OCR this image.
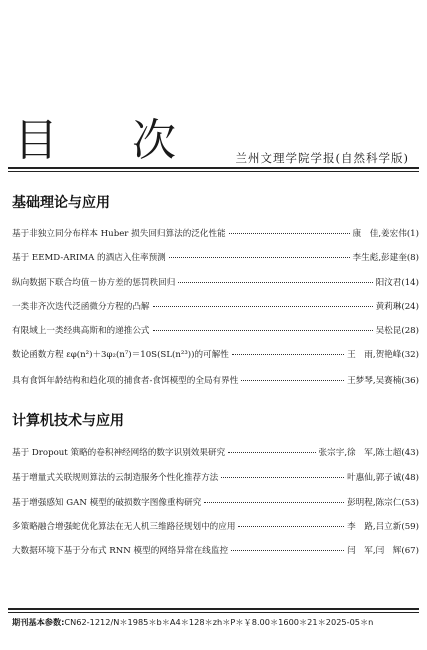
目 次	兰州文理学院学报(自然科学版)
基础理论与应用
基于非独立同分布样本 Huber 损失回归算法的泛化性能	康　佳,姜宏伟(1)
基于 EEMD-ARIMA 的酒店入住率预测	李生彪,彭建奎(8)
纵向数据下联合均值－协方差的惩罚秩回归	阳汶君(14)
一类非齐次迭代泛函微分方程的凸解	黄莉琳(24)
有限域上一类经典高斯和的递推公式	吴松昆(28)
数论函数方程 εφ(n²)＋3φ₂(n⁷)＝10S(SL(n²³))的可解性	王　雨,贺艳峰(32)
具有食饵年龄结构和趋化项的捕食者-食饵模型的全局有界性	王梦琴,吴赛楠(36)
计算机技术与应用
基于 Dropout 策略的卷积神经网络的数字识别效果研究	张宗宇,徐　军,陈士超(43)
基于增量式关联规则算法的云制造服务个性化推荐方法	叶惠仙,郭子诚(48)
基于增强感知 GAN 模型的破损数字图像重构研究	彭明程,陈宗仁(53)
多策略融合增强蛇优化算法在无人机三维路径规划中的应用	李　路,吕立新(59)
大数据环境下基于分布式 RNN 模型的网络异常在线监控	闫　军,闫　辉(67)
期刊基本参数:CN62-1212/N＊1985＊b＊A4＊128＊zh＊P＊￥8.00＊1600＊21＊2025-05＊n
